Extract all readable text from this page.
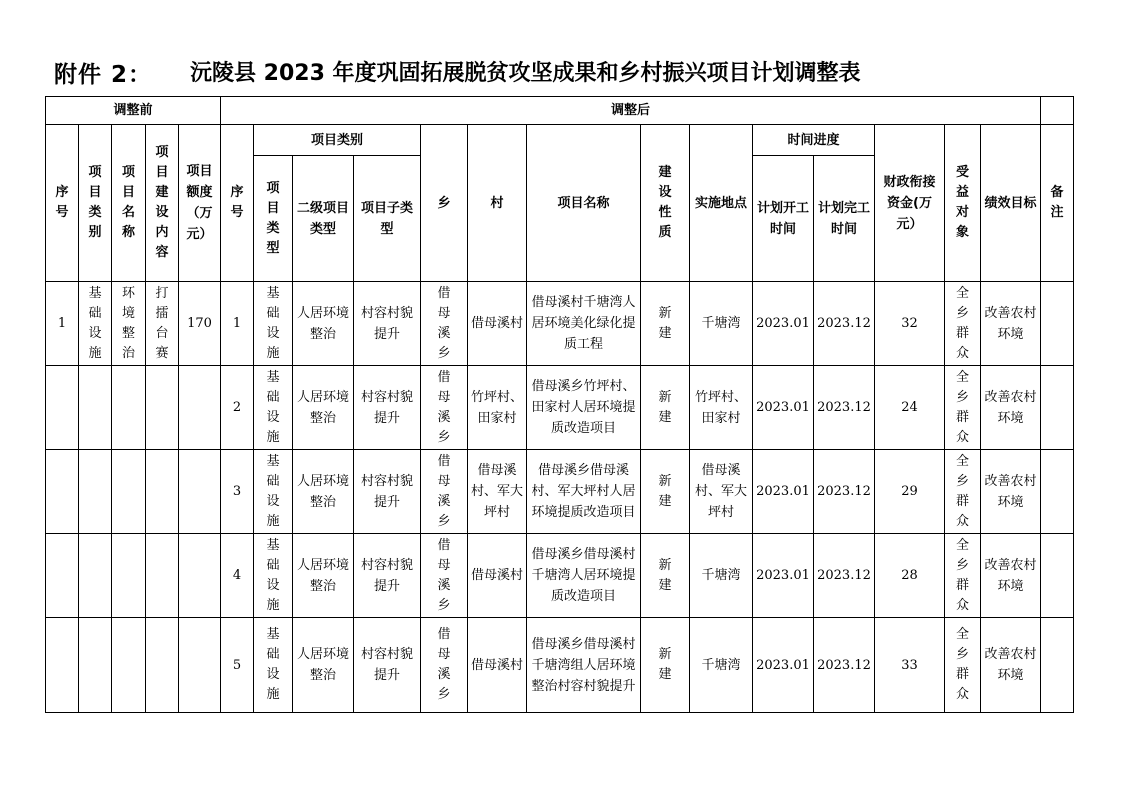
附件 2： 沅陵县 2023 年度巩固拓展脱贫攻坚成果和乡村振兴项目计划调整表
调整前					调整后														
序号	项目类别	项目名称	项目建设内容	项目额度（万元）	序号	项目类别			乡	村	项目名称	建设性质	实施地点	时间进度		财政衔接资金(万元）	受益对象	绩效目标	备注
						项目类型	二级项目类型	项目子类型						计划开工时间	计划完工时间				

1	基础设施	环境整治	打擂台赛	170	1	基础设施	人居环境整治	村容村貌提升	借母溪乡	借母溪村	借母溪村千塘湾人居环境美化绿化提质工程	新建	千塘湾	2023.01	2023.12	32	全乡群众	改善农村环境	

					2	基础设施	人居环境整治	村容村貌提升	借母溪乡	竹坪村、田家村	借母溪乡竹坪村、田家村人居环境提质改造项目	新建	竹坪村、田家村	2023.01	2023.12	24	全乡群众	改善农村环境	

					3	基础设施	人居环境整治	村容村貌提升	借母溪乡	借母溪村、军大坪村	借母溪乡借母溪村、军大坪村人居环境提质改造项目	新建	借母溪村、军大坪村	2023.01	2023.12	29	全乡群众	改善农村环境	

					4	基础设施	人居环境整治	村容村貌提升	借母溪乡	借母溪村	借母溪乡借母溪村千塘湾人居环境提质改造项目	新建	千塘湾	2023.01	2023.12	28	全乡群众	改善农村环境	

					5	基础设施	人居环境整治	村容村貌提升	借母溪乡	借母溪村	借母溪乡借母溪村千塘湾组人居环境整治村容村貌提升	新建	千塘湾	2023.01	2023.12	33	全乡群众	改善农村环境	
